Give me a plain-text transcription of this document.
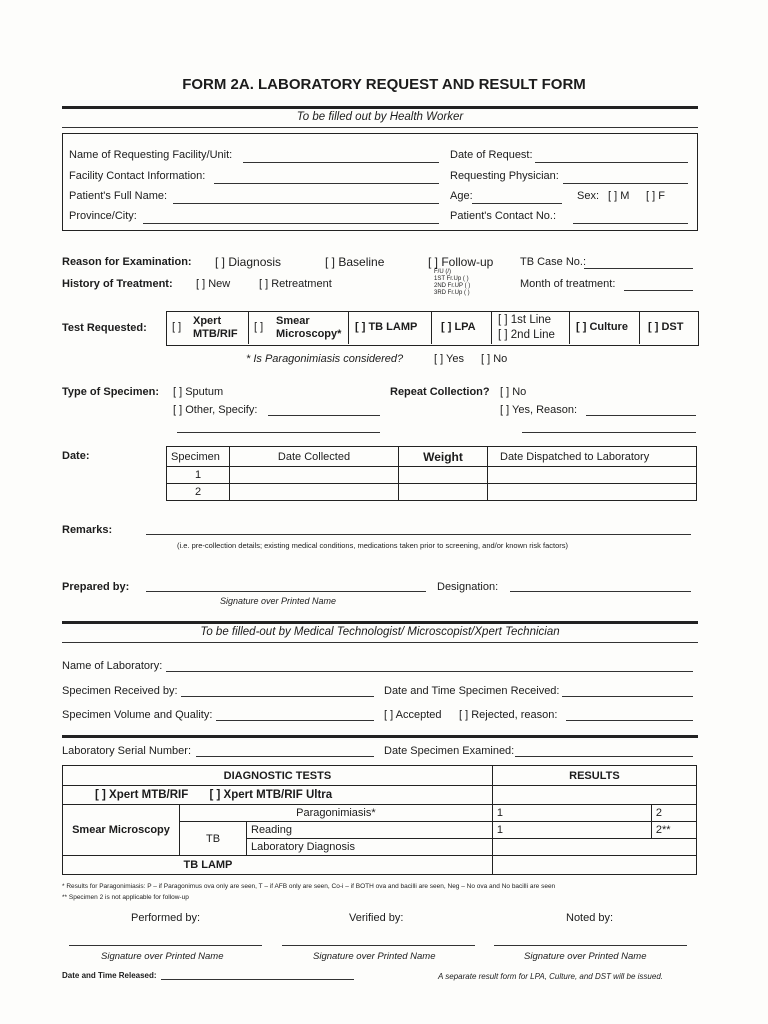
FORM 2A. LABORATORY REQUEST AND RESULT FORM
To be filled out by Health Worker
Name of Requesting Facility/Unit:
Facility Contact Information:
Patient's Full Name:
Province/City:
Date of Request:
Requesting Physician:
Age:	Sex: [ ] M [ ] F
Patient's Contact No.:
Reason for Examination: [ ] Diagnosis	[ ] Baseline	[ ] Follow-up TB Case No.:
History of Treatment: [ ] New	[ ] Retreatment
F/U (/)
1ST Fr.Up ( )
2ND Fr.UP ( )
3RD Fr.Up ( )
Month of treatment:
Test Requested: [ ] Xpert
MTB/RIF
[ ] Smear
Microscopy*
[ ] TB LAMP [ ] LPA
[ ] 1st Line
[ ] 2nd Line
[ ] Culture [ ] DST
* Is Paragonimiasis considered?	[ ] Yes [ ] No
Type of Specimen: [ ] Sputum
[ ] Other, Specify:
Repeat Collection? [ ] No
[ ] Yes, Reason:
Date:	Specimen	Date Collected	Weight	Date Dispatched to Laboratory
1			
2			
Remarks:
(i.e. pre-collection details; existing medical conditions, medications taken prior to screening, and/or known risk factors)
Prepared by:
Signature over Printed Name
Designation:
To be filled-out by Medical Technologist/ Microscopist/Xpert Technician
Name of Laboratory:
Specimen Received by:	Date and Time Specimen Received:
Specimen Volume and Quality:	[ ] Accepted [ ] Rejected, reason:
Laboratory Serial Number:	Date Specimen Examined:
DIAGNOSTIC TESTS			RESULTS	
[ ] Xpert MTB/RIF [ ] Xpert MTB/RIF Ultra				
Smear Microscopy	Paragonimiasis*		1	2
	TB	Reading	1	2**
		Laboratory Diagnosis		
	TB LAMP			
* Results for Paragonimiasis: P – if Paragonimus ova only are seen, T – if AFB only are seen, Co-i – if BOTH ova and bacilli are seen, Neg – No ova and No bacilli are seen
** Specimen 2 is not applicable for follow-up
Performed by:	Verified by:	Noted by:
Signature over Printed Name	Signature over Printed Name	Signature over Printed Name
Date and Time Released:	A separate result form for LPA, Culture, and DST will be issued.
